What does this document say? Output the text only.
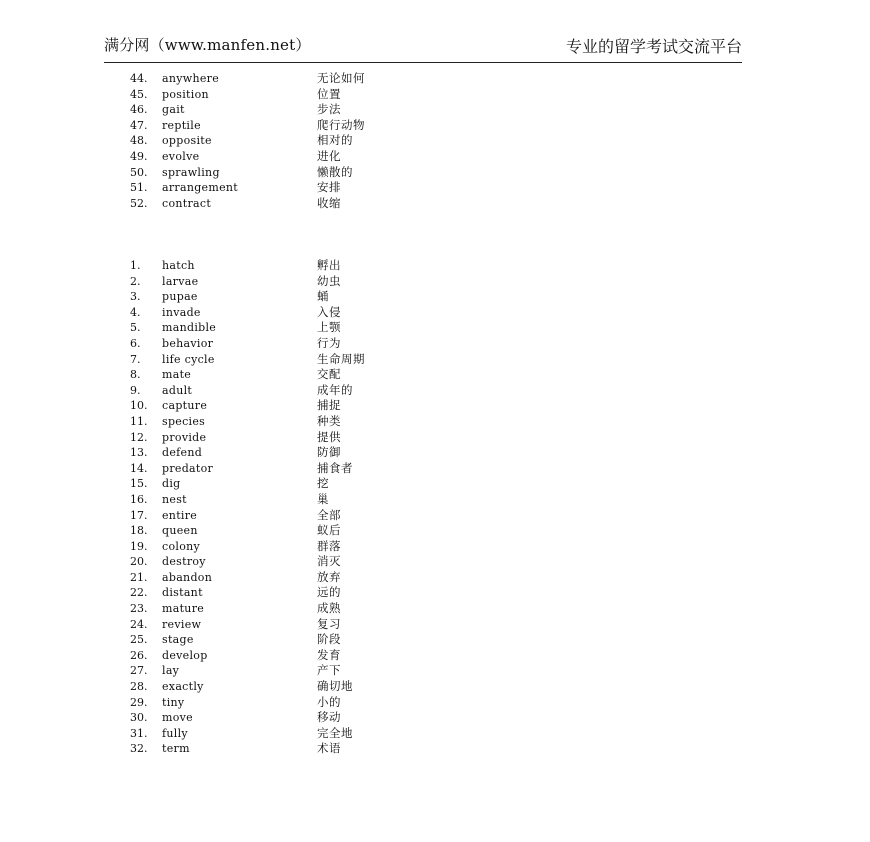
满分网（www.manfen.net）	专业的留学考试交流平台
44. anywhere	无论如何
45. position	位置
46. gait	步法
47. reptile	爬行动物
48. opposite	相对的
49. evolve	进化
50. sprawling	懒散的
51. arrangement	安排
52. contract	收缩
1. hatch	孵出
2. larvae	幼虫
3. pupae	蛹
4. invade	入侵
5. mandible	上颚
6. behavior	行为
7. life cycle	生命周期
8. mate	交配
9. adult	成年的
10. capture	捕捉
11. species	种类
12. provide	提供
13. defend	防御
14. predator	捕食者
15. dig	挖
16. nest	巢
17. entire	全部
18. queen	蚁后
19. colony	群落
20. destroy	消灭
21. abandon	放弃
22. distant	远的
23. mature	成熟
24. review	复习
25. stage	阶段
26. develop	发育
27. lay	产下
28. exactly	确切地
29. tiny	小的
30. move	移动
31. fully	完全地
32. term	术语
